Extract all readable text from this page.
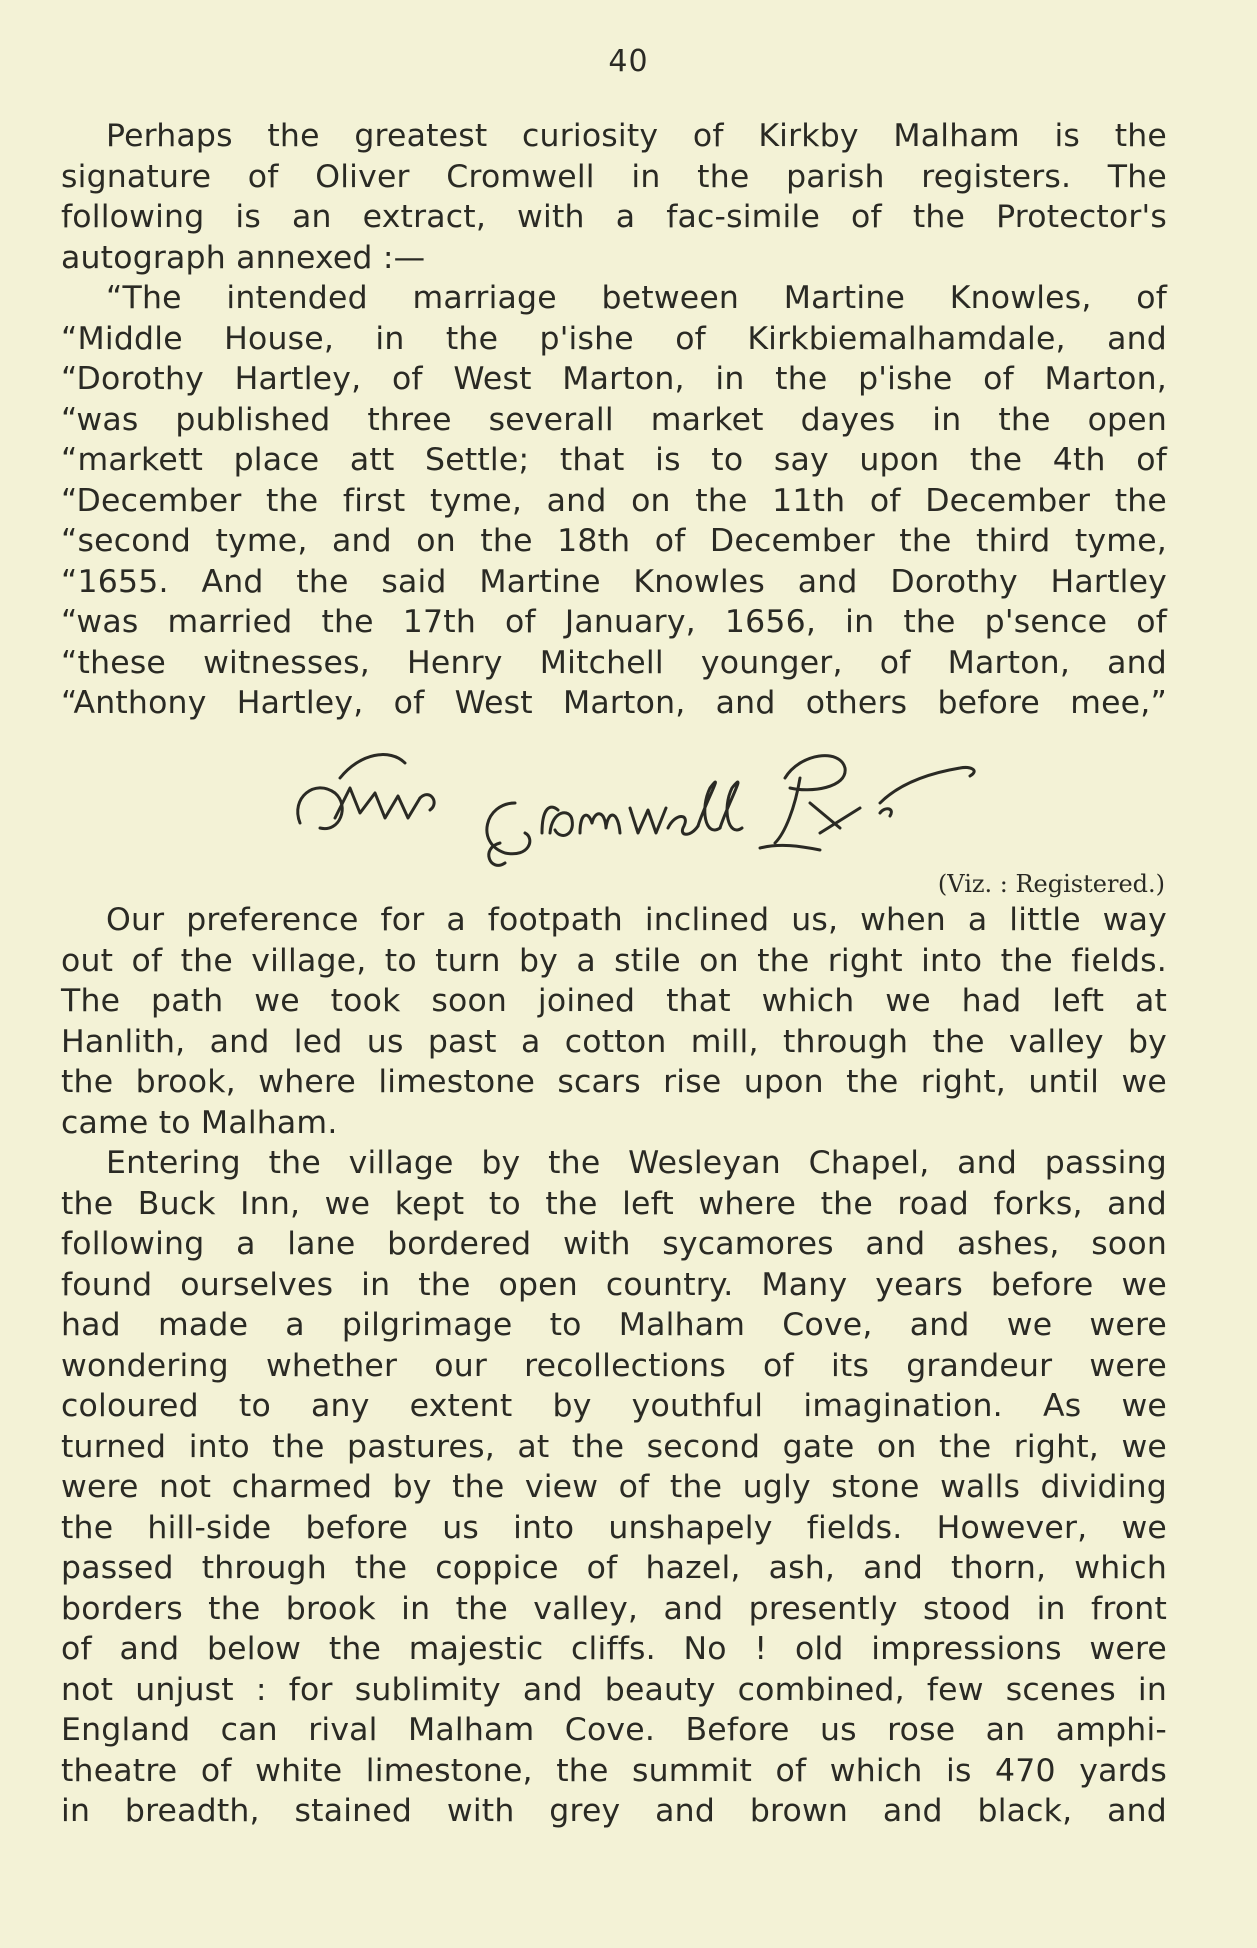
40
Perhaps the greatest curiosity of Kirkby Malham is the
signature of Oliver Cromwell in the parish registers. The
following is an extract, with a fac-simile of the Protector's
autograph annexed :—
“The intended marriage between Martine Knowles, of
“Middle House, in the p'ishe of Kirkbiemalhamdale, and
“Dorothy Hartley, of West Marton, in the p'ishe of Marton,
“was published three severall market dayes in the open
“markett place att Settle; that is to say upon the 4th of
“December the first tyme, and on the 11th of December the
“second tyme, and on the 18th of December the third tyme,
“1655. And the said Martine Knowles and Dorothy Hartley
“was married the 17th of January, 1656, in the p'sence of
“these witnesses, Henry Mitchell younger, of Marton, and
“Anthony Hartley, of West Marton, and others before mee,”
(Viz. : Registered.)
Our preference for a footpath inclined us, when a little way
out of the village, to turn by a stile on the right into the fields.
The path we took soon joined that which we had left at
Hanlith, and led us past a cotton mill, through the valley by
the brook, where limestone scars rise upon the right, until we
came to Malham.
Entering the village by the Wesleyan Chapel, and passing
the Buck Inn, we kept to the left where the road forks, and
following a lane bordered with sycamores and ashes, soon
found ourselves in the open country. Many years before we
had made a pilgrimage to Malham Cove, and we were
wondering whether our recollections of its grandeur were
coloured to any extent by youthful imagination. As we
turned into the pastures, at the second gate on the right, we
were not charmed by the view of the ugly stone walls dividing
the hill-side before us into unshapely fields. However, we
passed through the coppice of hazel, ash, and thorn, which
borders the brook in the valley, and presently stood in front
of and below the majestic cliffs. No ! old impressions were
not unjust : for sublimity and beauty combined, few scenes in
England can rival Malham Cove. Before us rose an amphi-
theatre of white limestone, the summit of which is 470 yards
in breadth, stained with grey and brown and black, and
